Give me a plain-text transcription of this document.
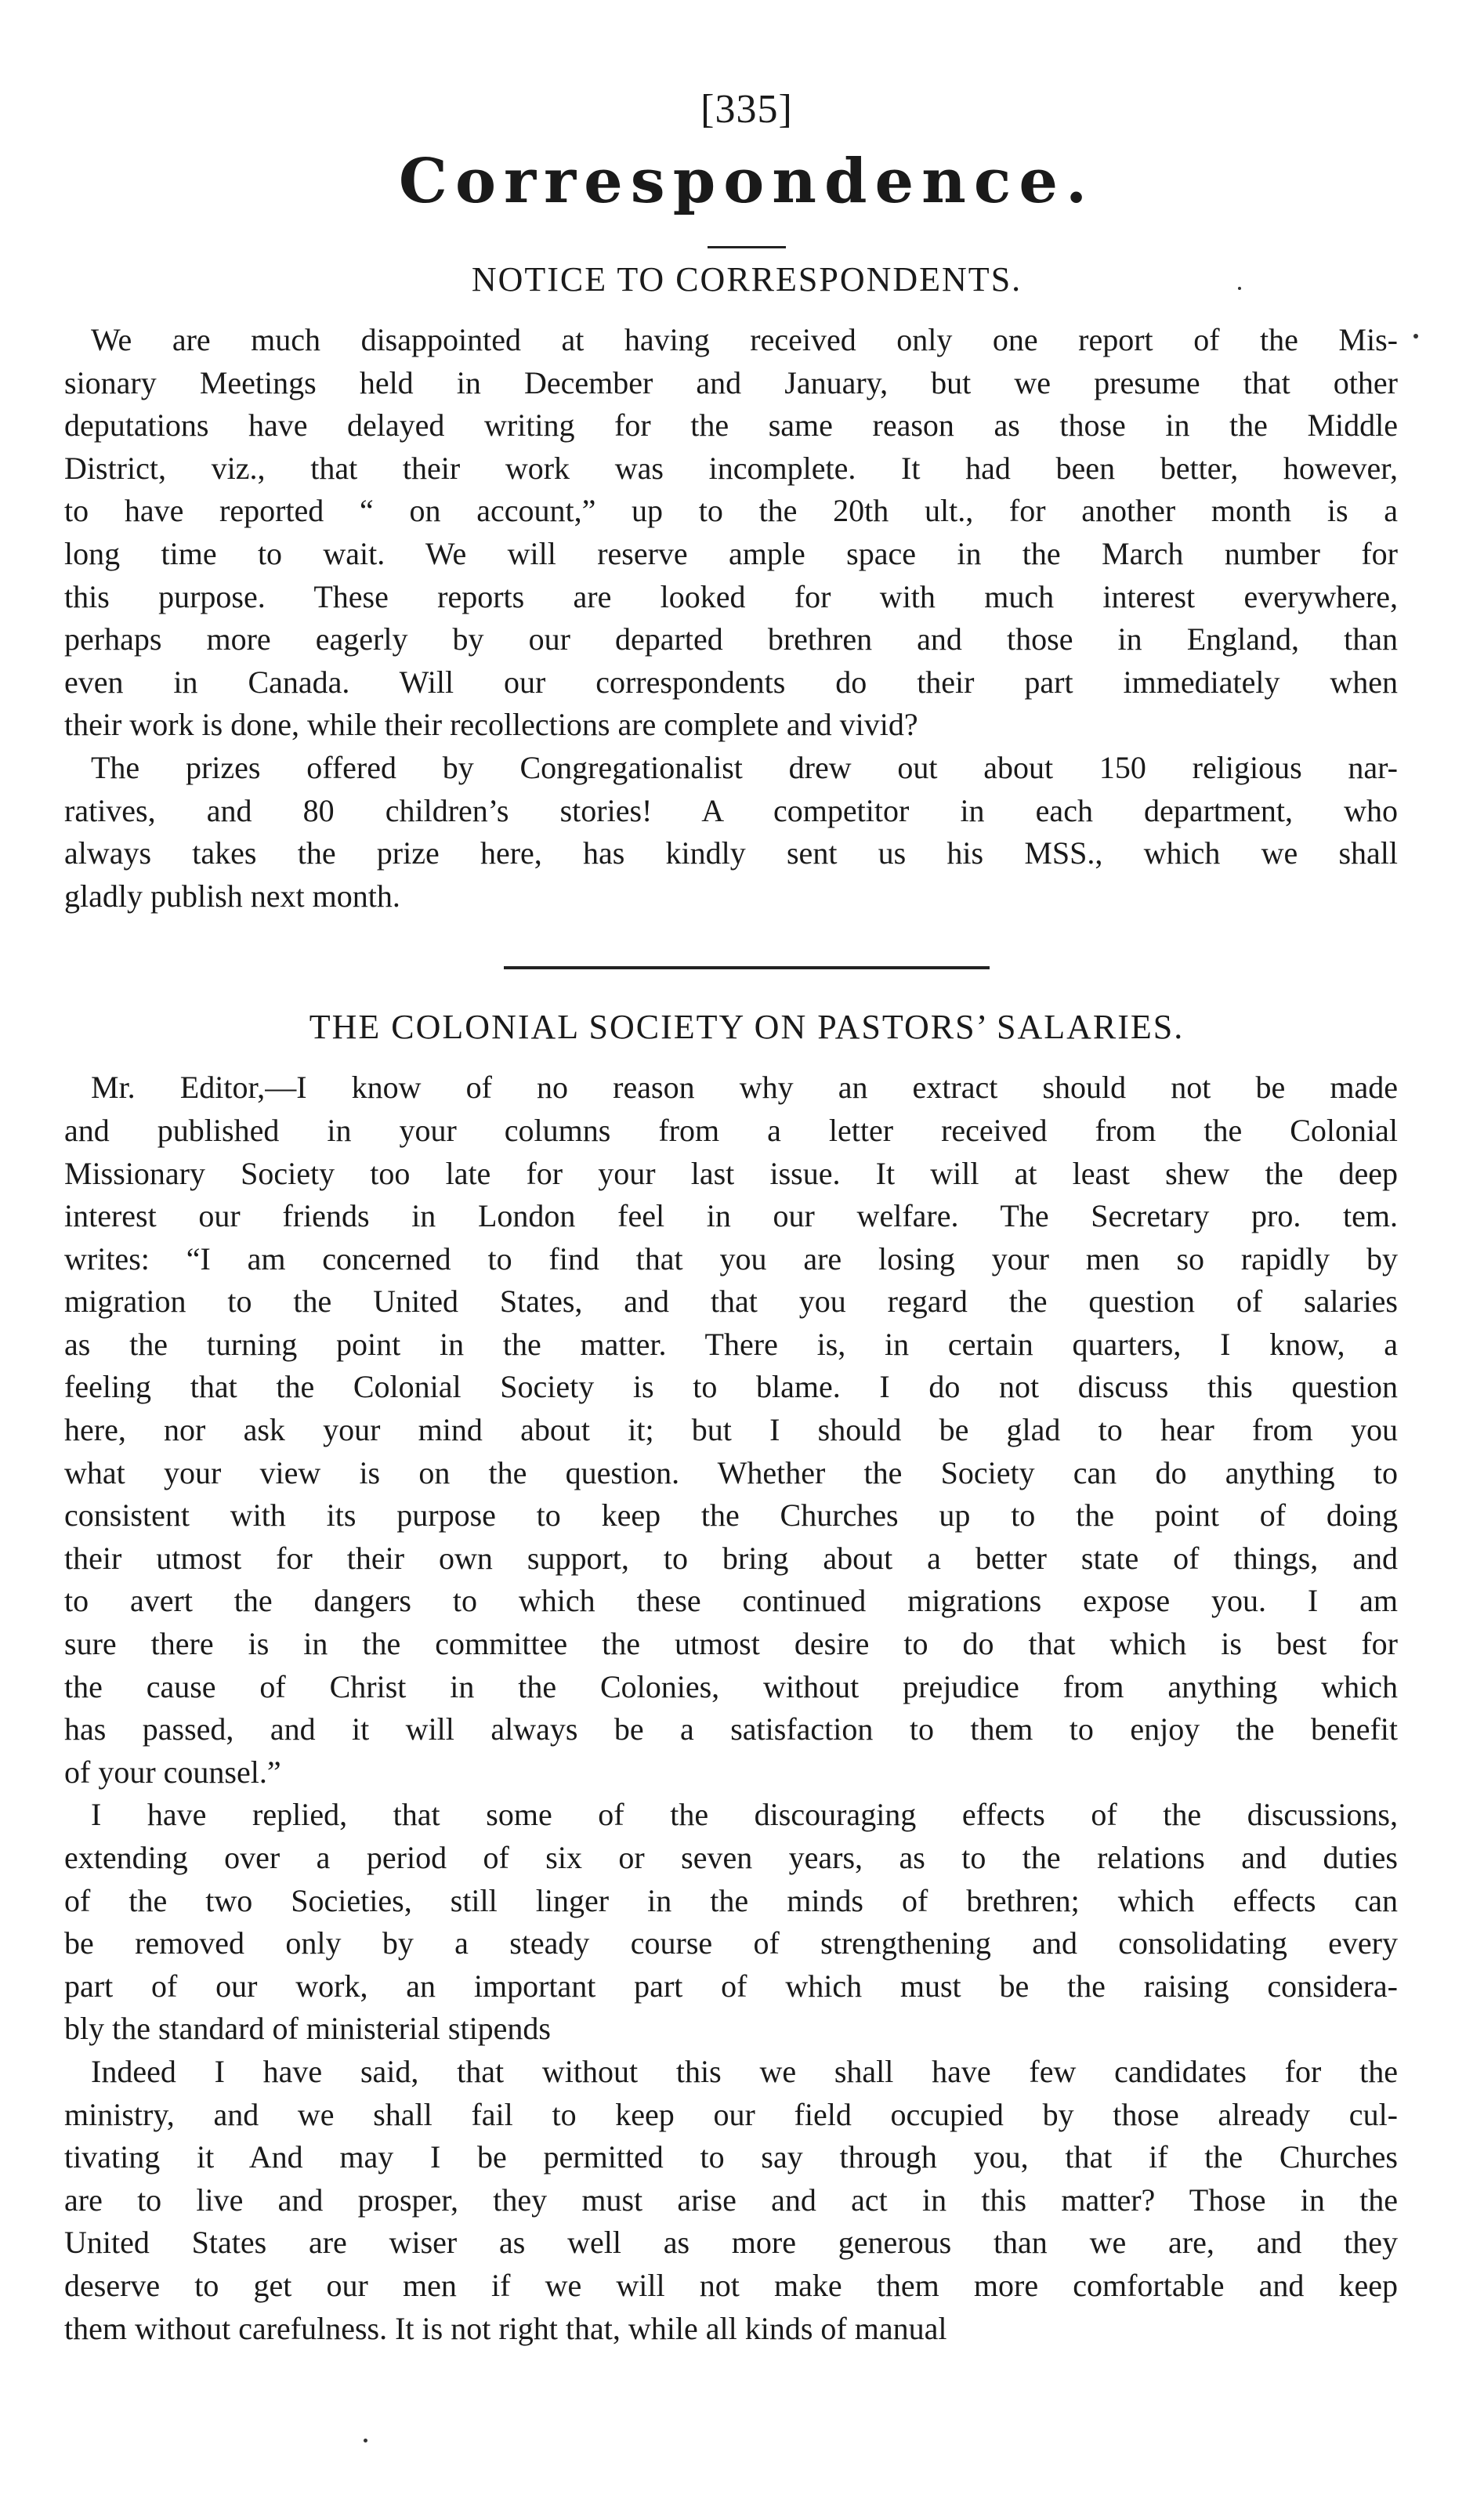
[335]
Correspondence.
NOTICE TO CORRESPONDENTS.
We are much disappointed at having received only one report of the Mis-
sionary Meetings held in December and January, but we presume that other
deputations have delayed writing for the same reason as those in the Middle
District, viz., that their work was incomplete. It had been better, however,
to have reported “ on account,” up to the 20th ult., for another month is a
long time to wait. We will reserve ample space in the March number for
this purpose. These reports are looked for with much interest everywhere,
perhaps more eagerly by our departed brethren and those in England, than
even in Canada. Will our correspondents do their part immediately when
their work is done, while their recollections are complete and vivid?
The prizes offered by Congregationalist drew out about 150 religious nar-
ratives, and 80 children’s stories! A competitor in each department, who
always takes the prize here, has kindly sent us his MSS., which we shall
gladly publish next month.
THE COLONIAL SOCIETY ON PASTORS’ SALARIES.
Mr. Editor,—I know of no reason why an extract should not be made
and published in your columns from a letter received from the Colonial
Missionary Society too late for your last issue. It will at least shew the deep
interest our friends in London feel in our welfare. The Secretary pro. tem.
writes: “I am concerned to find that you are losing your men so rapidly by
migration to the United States, and that you regard the question of salaries
as the turning point in the matter. There is, in certain quarters, I know, a
feeling that the Colonial Society is to blame. I do not discuss this question
here, nor ask your mind about it; but I should be glad to hear from you
what your view is on the question. Whether the Society can do anything to
consistent with its purpose to keep the Churches up to the point of doing
their utmost for their own support, to bring about a better state of things, and
to avert the dangers to which these continued migrations expose you. I am
sure there is in the committee the utmost desire to do that which is best for
the cause of Christ in the Colonies, without prejudice from anything which
has passed, and it will always be a satisfaction to them to enjoy the benefit
of your counsel.”
I have replied, that some of the discouraging effects of the discussions,
extending over a period of six or seven years, as to the relations and duties
of the two Societies, still linger in the minds of brethren; which effects can
be removed only by a steady course of strengthening and consolidating every
part of our work, an important part of which must be the raising considera-
bly the standard of ministerial stipends
Indeed I have said, that without this we shall have few candidates for the
ministry, and we shall fail to keep our field occupied by those already cul-
tivating it And may I be permitted to say through you, that if the Churches
are to live and prosper, they must arise and act in this matter? Those in the
United States are wiser as well as more generous than we are, and they
deserve to get our men if we will not make them more comfortable and keep
them without carefulness. It is not right that, while all kinds of manual
